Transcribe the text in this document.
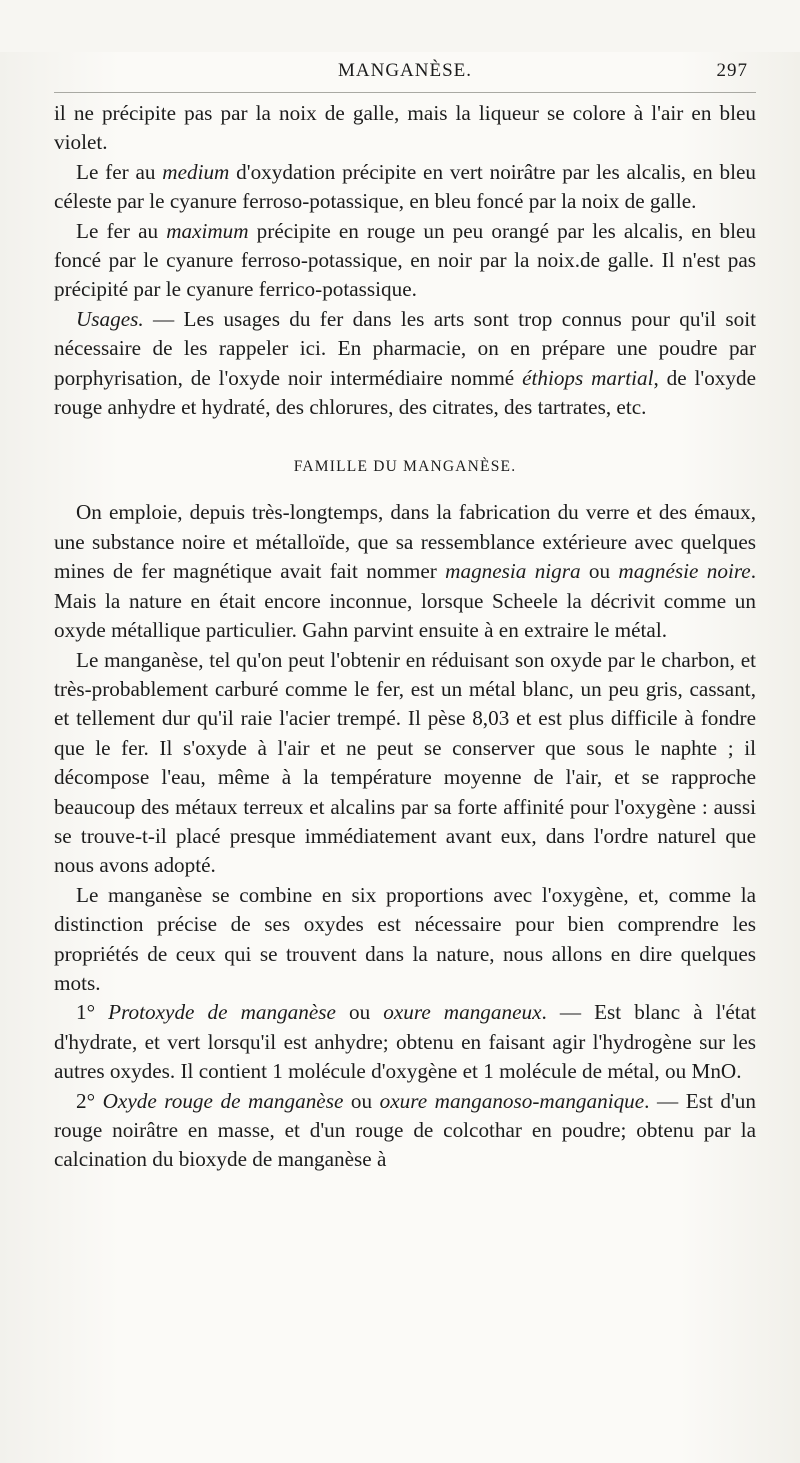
MANGANÈSE.	297

il ne précipite pas par la noix de galle, mais la liqueur se colore à l'air en bleu violet.

Le fer au medium d'oxydation précipite en vert noirâtre par les alcalis, en bleu céleste par le cyanure ferroso-potassique, en bleu foncé par la noix de galle.

Le fer au maximum précipite en rouge un peu orangé par les alcalis, en bleu foncé par le cyanure ferroso-potassique, en noir par la noix.de galle. Il n'est pas précipité par le cyanure ferrico-potassique.

Usages. — Les usages du fer dans les arts sont trop connus pour qu'il soit nécessaire de les rappeler ici. En pharmacie, on en prépare une poudre par porphyrisation, de l'oxyde noir intermédiaire nommé éthiops martial, de l'oxyde rouge anhydre et hydraté, des chlorures, des citrates, des tartrates, etc.

FAMILLE DU MANGANÈSE.

On emploie, depuis très-longtemps, dans la fabrication du verre et des émaux, une substance noire et métalloïde, que sa ressemblance extérieure avec quelques mines de fer magnétique avait fait nommer magnesia nigra ou magnésie noire. Mais la nature en était encore inconnue, lorsque Scheele la décrivit comme un oxyde métallique particulier. Gahn parvint ensuite à en extraire le métal.

Le manganèse, tel qu'on peut l'obtenir en réduisant son oxyde par le charbon, et très-probablement carburé comme le fer, est un métal blanc, un peu gris, cassant, et tellement dur qu'il raie l'acier trempé. Il pèse 8,03 et est plus difficile à fondre que le fer. Il s'oxyde à l'air et ne peut se conserver que sous le naphte ; il décompose l'eau, même à la température moyenne de l'air, et se rapproche beaucoup des métaux terreux et alcalins par sa forte affinité pour l'oxygène : aussi se trouve-t-il placé presque immédiatement avant eux, dans l'ordre naturel que nous avons adopté.

Le manganèse se combine en six proportions avec l'oxygène, et, comme la distinction précise de ses oxydes est nécessaire pour bien comprendre les propriétés de ceux qui se trouvent dans la nature, nous allons en dire quelques mots.

1° Protoxyde de manganèse ou oxure manganeux. — Est blanc à l'état d'hydrate, et vert lorsqu'il est anhydre; obtenu en faisant agir l'hydrogène sur les autres oxydes. Il contient 1 molécule d'oxygène et 1 molécule de métal, ou MnO.

2° Oxyde rouge de manganèse ou oxure manganoso-manganique. — Est d'un rouge noirâtre en masse, et d'un rouge de colcothar en poudre; obtenu par la calcination du bioxyde de manganèse à
